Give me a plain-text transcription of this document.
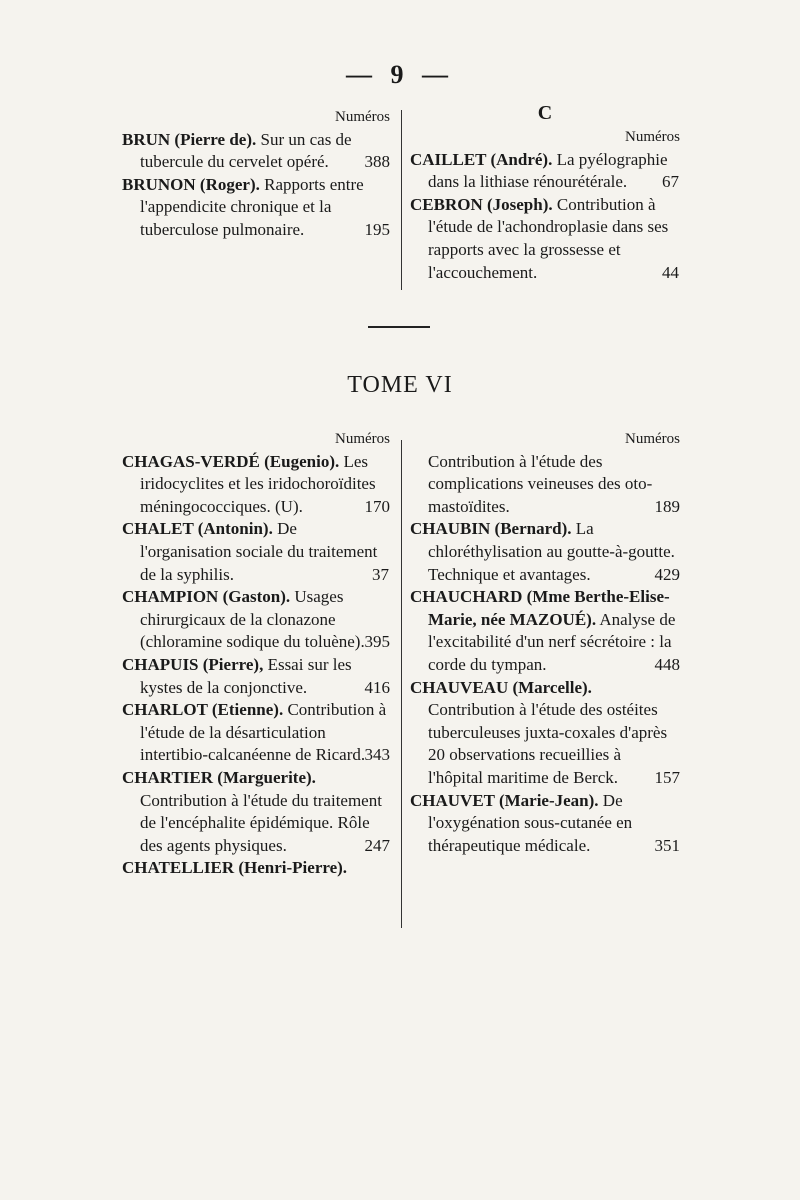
— 9 —
Numéros
BRUN (Pierre de). Sur un cas de tubercule du cervelet opéré. 388
BRUNON (Roger). Rapports entre l'appendicite chronique et la tuberculose pulmonaire.	195
C
Numéros
CAILLET (André). La pyélographie dans la lithiase rénourétérale. 67
CEBRON (Joseph). Contribution à l'étude de l'achondroplasie dans ses rapports avec la grossesse et l'accouchement.	44
TOME VI
Numéros
CHAGAS-VERDÉ (Eugenio). Les iridocyclites et les iridochoroïdites méningococciques. (U).	170
CHALET (Antonin). De l'organisation sociale du traitement de la syphilis.	37
CHAMPION (Gaston). Usages chirurgicaux de la clonazone (chloramine sodique du toluène). 395
CHAPUIS (Pierre), Essai sur les kystes de la conjonctive.	416
CHARLOT (Etienne). Contribution à l'étude de la désarticulation intertibio-calcanéenne de Ricard. 343
CHARTIER (Marguerite). Contribution à l'étude du traitement de l'encéphalite épidémique. Rôle des agents physiques.	247
CHATELLIER (Henri-Pierre).
Numéros
Contribution à l'étude des complications veineuses des oto-mastoïdites.	189
CHAUBIN (Bernard). La chloréthylisation au goutte-à-goutte. Technique et avantages.	429
CHAUCHARD (Mme Berthe-Elise-Marie, née MAZOUÉ). Analyse de l'excitabilité d'un nerf sécrétoire : la corde du tympan.	448
CHAUVEAU (Marcelle). Contribution à l'étude des ostéites tuberculeuses juxta-coxales d'après 20 observations recueillies à l'hôpital maritime de Berck. 157
CHAUVET (Marie-Jean). De l'oxygénation sous-cutanée en thérapeutique médicale.	351
